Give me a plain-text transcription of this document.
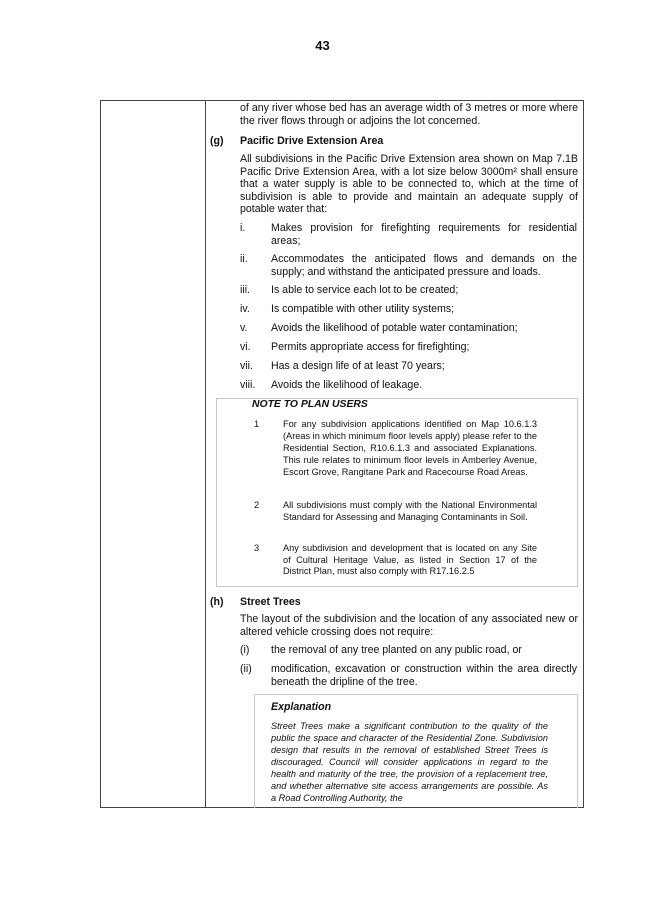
43
of any river whose bed has an average width of 3 metres or more where the river flows through or adjoins the lot concerned.
(g) Pacific Drive Extension Area
All subdivisions in the Pacific Drive Extension area shown on Map 7.1B Pacific Drive Extension Area, with a lot size below 3000m² shall ensure that a water supply is able to be connected to, which at the time of subdivision is able to provide and maintain an adequate supply of potable water that:
i. Makes provision for firefighting requirements for residential areas;
ii. Accommodates the anticipated flows and demands on the supply; and withstand the anticipated pressure and loads.
iii. Is able to service each lot to be created;
iv. Is compatible with other utility systems;
v. Avoids the likelihood of potable water contamination;
vi. Permits appropriate access for firefighting;
vii. Has a design life of at least 70 years;
viii. Avoids the likelihood of leakage.
NOTE TO PLAN USERS
1	For any subdivision applications identified on Map 10.6.1.3 (Areas in which minimum floor levels apply) please refer to the Residential Section, R10.6.1.3 and associated Explanations. This rule relates to minimum floor levels in Amberley Avenue, Escort Grove, Rangitane Park and Racecourse Road Areas.
2	All subdivisions must comply with the National Environmental Standard for Assessing and Managing Contaminants in Soil.
3	Any subdivision and development that is located on any Site of Cultural Heritage Value, as listed in Section 17 of the District Plan, must also comply with R17.16.2.5
(h) Street Trees
The layout of the subdivision and the location of any associated new or altered vehicle crossing does not require:
(i) the removal of any tree planted on any public road, or
(ii) modification, excavation or construction within the area directly beneath the dripline of the tree.
Explanation
Street Trees make a significant contribution to the quality of the public the space and character of the Residential Zone. Subdivision design that results in the removal of established Street Trees is discouraged. Council will consider applications in regard to the health and maturity of the tree, the provision of a replacement tree, and whether alternative site access arrangements are possible. As a Road Controlling Authority, the
